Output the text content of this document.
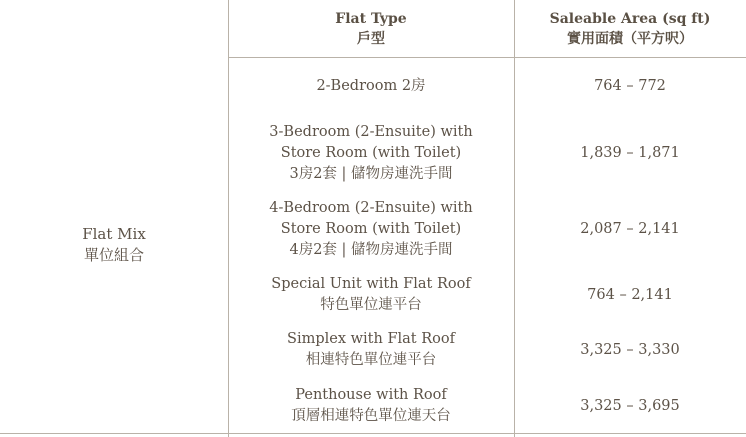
Flat Type
戶型
Saleable Area (sq ft)
實用面積（平方呎）
Flat Mix
單位組合
2-Bedroom 2房	764 – 772
3-Bedroom (2-Ensuite) with
Store Room (with Toilet)
3房2套 | 儲物房連洗手間
1,839 – 1,871
4-Bedroom (2-Ensuite) with
Store Room (with Toilet)
4房2套 | 儲物房連洗手間
2,087 – 2,141
Special Unit with Flat Roof
特色單位連平台
764 – 2,141
Simplex with Flat Roof
相連特色單位連平台
3,325 – 3,330
Penthouse with Roof
頂層相連特色單位連天台
3,325 – 3,695
